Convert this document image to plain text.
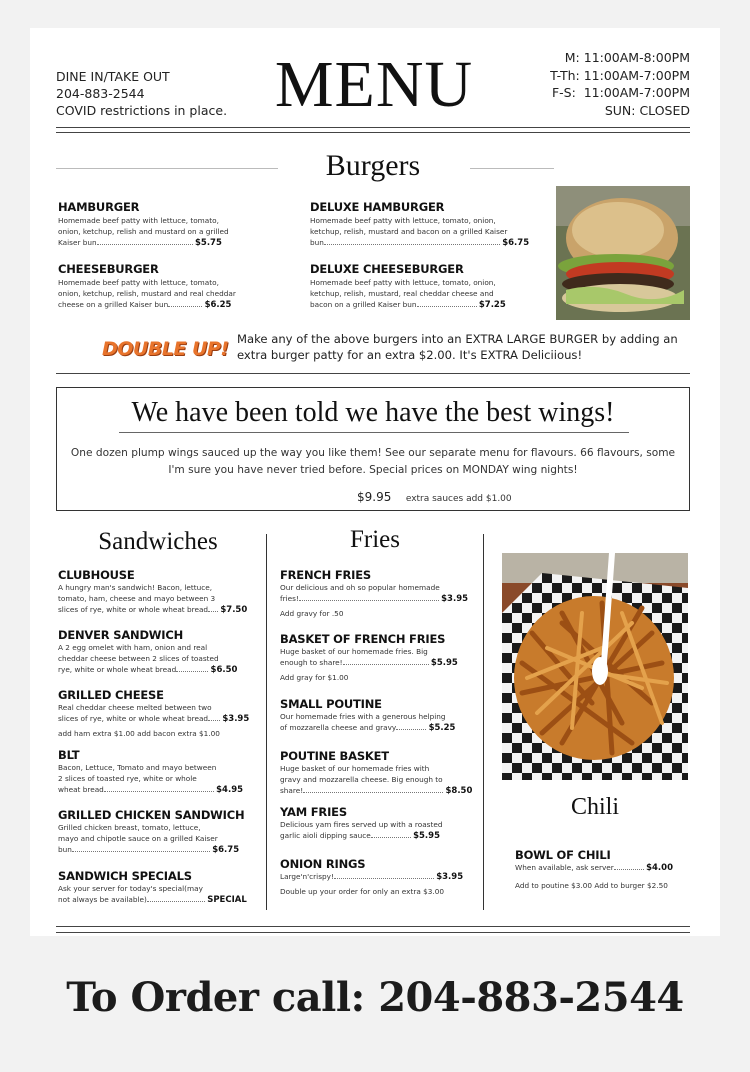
DINE IN/TAKE OUT
204-883-2544
COVID restrictions in place. MENU	M: 11:00AM-8:00PM
T-Th: 11:00AM-7:00PM
F-S:  11:00AM-7:00PM
SUN: CLOSED
Burgers
HAMBURGER
Homemade beef patty with lettuce, tomato,
onion, ketchup, relish and mustard on a grilled
Kaiser bun	$5.75
CHEESEBURGER
Homemade beef patty with lettuce, tomato,
onion, ketchup, relish, mustard and real cheddar
cheese on a grilled Kaiser bun	$6.25
DELUXE HAMBURGER
Homemade beef patty with lettuce, tomato, onion,
ketchup, relish, mustard and bacon on a grilled Kaiser
bun	$6.75
DELUXE CHEESEBURGER
Homemade beef patty with lettuce, tomato, onion,
ketchup, relish, mustard, real cheddar cheese and
bacon on a grilled Kaiser bun	$7.25
DOUBLE UP! Make any of the above burgers into an EXTRA LARGE BURGER by adding an
extra burger patty for an extra $2.00. It's EXTRA Deliciious!
We have been told we have the best wings!
One dozen plump wings sauced up the way you like them! See our separate menu for flavours. 66 flavours, some
I'm sure you have never tried before. Special prices on MONDAY wing nights!
$9.95 extra sauces add $1.00
Sandwiches
CLUBHOUSE
A hungry man's sandwich! Bacon, lettuce,
tomato, ham, cheese and mayo between 3
slices of rye, white or whole wheat bread $7.50
DENVER SANDWICH
A 2 egg omelet with ham, onion and real
cheddar cheese between 2 slices of toasted
rye, white or whole wheat bread	$6.50
GRILLED CHEESE
Real cheddar cheese melted between two
slices of rye, white or whole wheat bread $3.95
add ham extra $1.00 add bacon extra $1.00
BLT
Bacon, Lettuce, Tomato and mayo between
2 slices of toasted rye, white or whole
wheat bread	$4.95
GRILLED CHICKEN SANDWICH
Grilled chicken breast, tomato, lettuce,
mayo and chipotle sauce on a grilled Kaiser
bun	$6.75
SANDWICH SPECIALS
Ask your server for today's special(may
not always be available)	SPECIAL
Fries
FRENCH FRIES
Our delicious and oh so popular homemade
fries!	$3.95
Add gravy for .50
BASKET OF FRENCH FRIES
Huge basket of our homemade fries. Big
enough to share!	$5.95
Add gray for $1.00
SMALL POUTINE
Our homemade fries with a generous helping
of mozzarella cheese and gravy	$5.25
POUTINE BASKET
Huge basket of our homemade fries with
gravy and mozzarella cheese. Big enough to
share!	$8.50
YAM FRIES
Delicious yam fires served up with a roasted
garlic aioli dipping sauce	$5.95
ONION RINGS
Large'n'crispy!	$3.95
Double up your order for only an extra $3.00
Chili
BOWL OF CHILI
When available, ask server	$4.00
Add to poutine $3.00 Add to burger $2.50
To Order call: 204-883-2544
